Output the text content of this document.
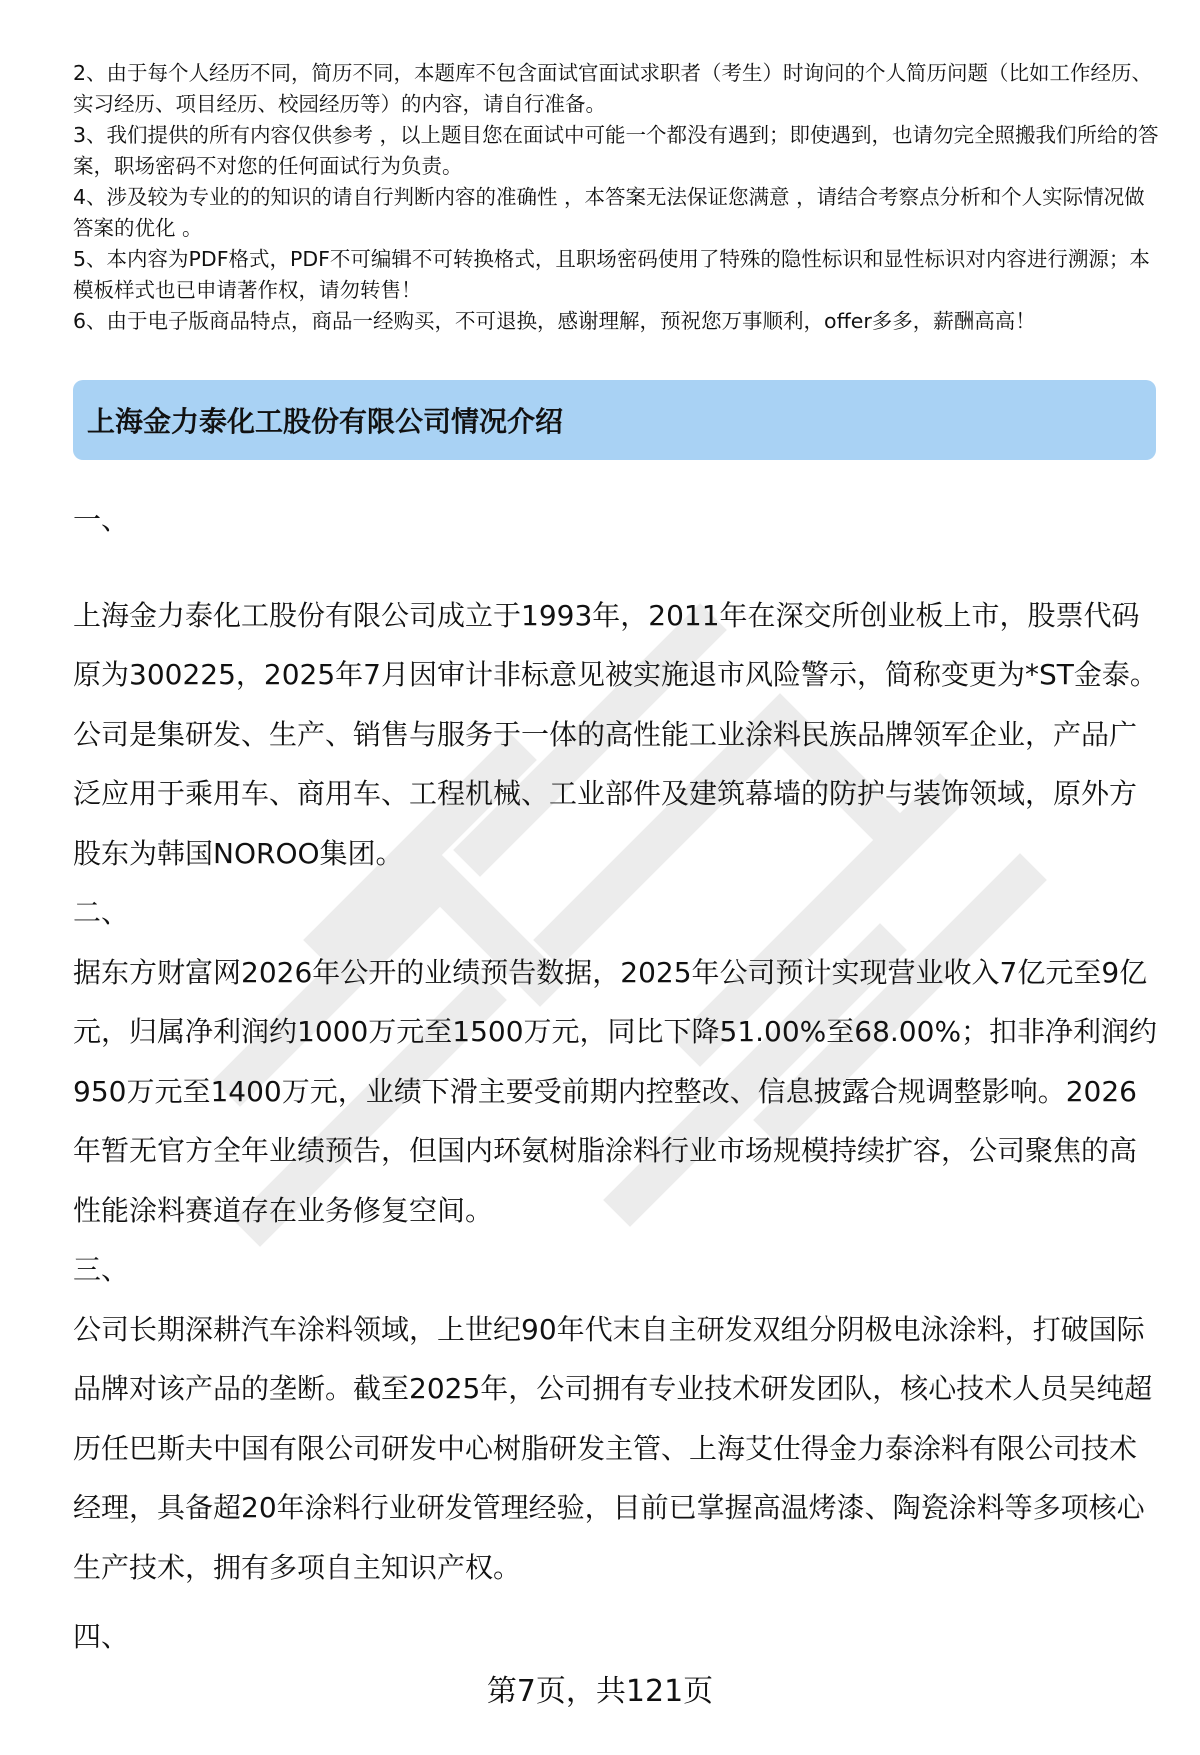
2、由于每个人经历不同，简历不同，本题库不包含面试官面试求职者（考生）时询问的个人简历问题（比如工作经历、实习经历、项目经历、校园经历等）的内容，请自行准备。

3、我们提供的所有内容仅供参考 ，以上题目您在面试中可能一个都没有遇到；即使遇到，也请勿完全照搬我们所给的答案，职场密码不对您的任何面试行为负责。

4、涉及较为专业的的知识的请自行判断内容的准确性 ，本答案无法保证您满意 ，请结合考察点分析和个人实际情况做答案的优化 。

5、本内容为PDF格式，PDF不可编辑不可转换格式，且职场密码使用了特殊的隐性标识和显性标识对内容进行溯源；本模板样式也已申请著作权，请勿转售！

6、由于电子版商品特点，商品一经购买，不可退换，感谢理解，预祝您万事顺利，offer多多，薪酬高高！

上海金力泰化工股份有限公司情况介绍

一、

上海金力泰化工股份有限公司成立于1993年，2011年在深交所创业板上市，股票代码原为300225，2025年7月因审计非标意见被实施退市风险警示，简称变更为*ST金泰。公司是集研发、生产、销售与服务于一体的高性能工业涂料民族品牌领军企业，产品广泛应用于乘用车、商用车、工程机械、工业部件及建筑幕墙的防护与装饰领域，原外方股东为韩国NOROO集团。

二、

据东方财富网2026年公开的业绩预告数据，2025年公司预计实现营业收入7亿元至9亿元，归属净利润约1000万元至1500万元，同比下降51.00%至68.00%；扣非净利润约950万元至1400万元，业绩下滑主要受前期内控整改、信息披露合规调整影响。2026年暂无官方全年业绩预告，但国内环氨树脂涂料行业市场规模持续扩容，公司聚焦的高性能涂料赛道存在业务修复空间。

三、

公司长期深耕汽车涂料领域，上世纪90年代末自主研发双组分阴极电泳涂料，打破国际品牌对该产品的垄断。截至2025年，公司拥有专业技术研发团队，核心技术人员吴纯超历任巴斯夫中国有限公司研发中心树脂研发主管、上海艾仕得金力泰涂料有限公司技术经理，具备超20年涂料行业研发管理经验，目前已掌握高温烤漆、陶瓷涂料等多项核心生产技术，拥有多项自主知识产权。

四、

第7页，共121页
